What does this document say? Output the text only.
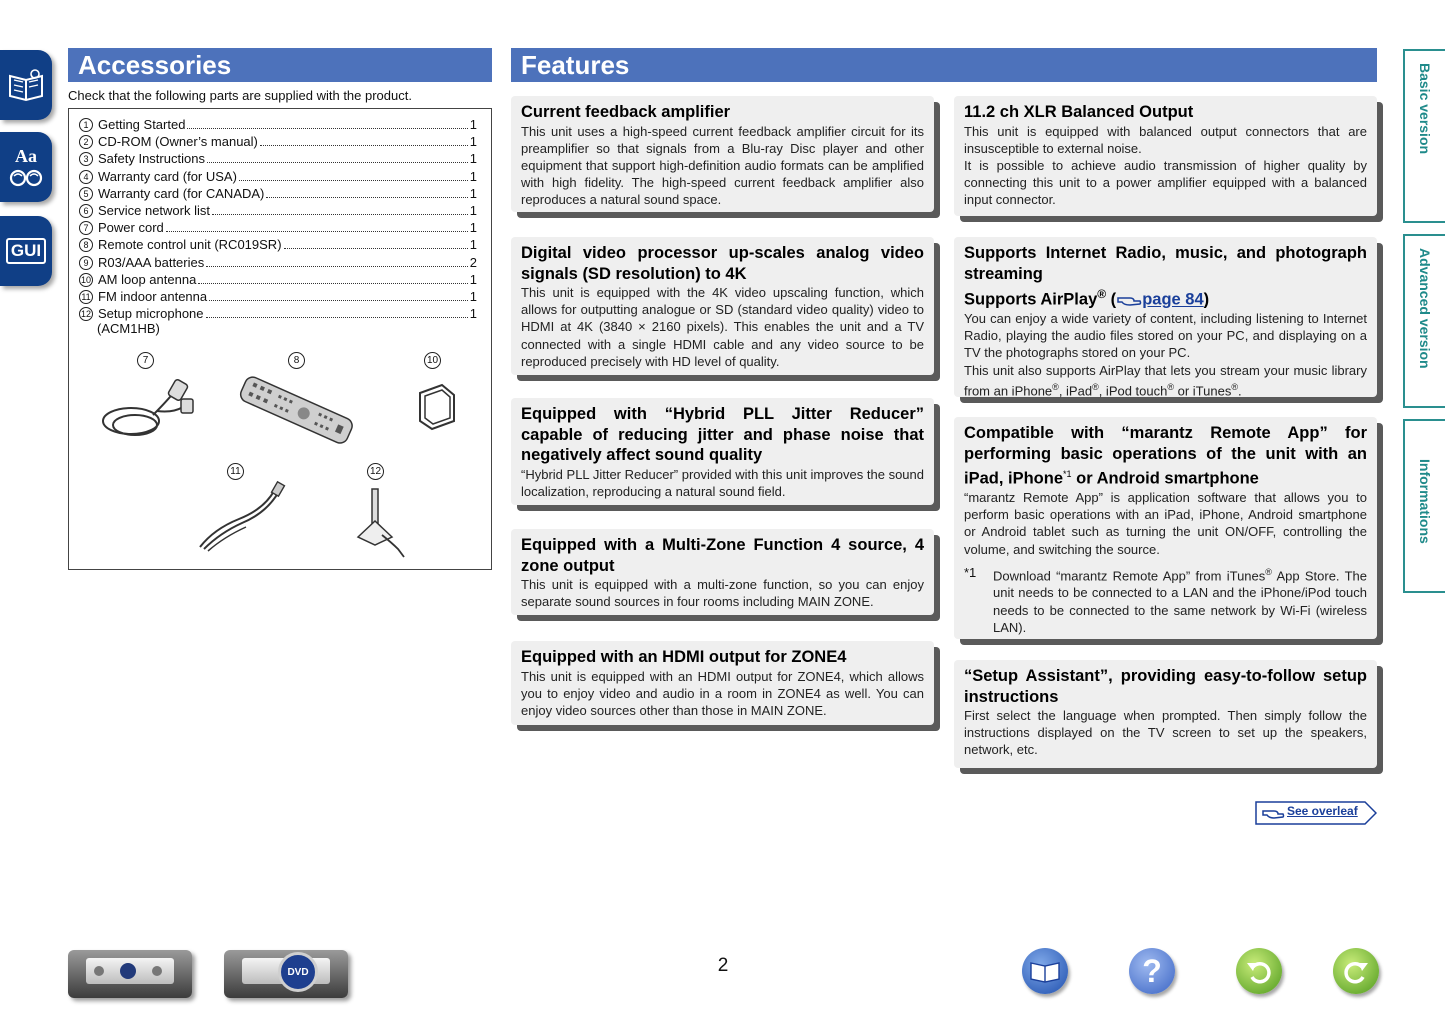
Aa
GUI
Basic version
Advanced version
Informations
Accessories
Check that the following parts are supplied with the product.
1 Getting Started	1
2 CD-ROM (Owner’s manual)	1
3 Safety Instructions	1
4 Warranty card (for USA)	1
5 Warranty card (for CANADA)	1
6 Service network list	1
7 Power cord	1
8 Remote control unit (RC019SR)	1
9 R03/AAA batteries	2
10 AM loop antenna	1
11 FM indoor antenna	1
12 Setup microphone	1
(ACM1HB)
7	8	10
11	12
Features
Current feedback amplifier

This unit uses a high-speed current feedback amplifier circuit for its preamplifier so that signals from a Blu-ray Disc player and other equipment that support high-definition audio formats can be amplified with high fidelity. The high-speed current feedback amplifier also reproduces a natural sound space.

Digital video processor up-scales analog video signals (SD resolution) to 4K

This unit is equipped with the 4K video upscaling function, which allows for outputting analogue or SD (standard video quality) video to HDMI at 4K (3840 × 2160 pixels). This enables the unit and a TV connected with a single HDMI cable and any video source to be reproduced precisely with HD level of quality.

Equipped with “Hybrid PLL Jitter Reducer” capable of reducing jitter and phase noise that negatively affect sound quality

“Hybrid PLL Jitter Reducer” provided with this unit improves the sound localization, reproducing a natural sound field.

Equipped with a Multi-Zone Function 4 source, 4 zone output

This unit is equipped with a multi-zone function, so you can enjoy separate sound sources in four rooms including MAIN ZONE.

Equipped with an HDMI output for ZONE4

This unit is equipped with an HDMI output for ZONE4, which allows you to enjoy video and audio in a room in ZONE4 as well. You can enjoy video sources other than those in MAIN ZONE.

11.2 ch XLR Balanced Output

This unit is equipped with balanced output connectors that are insusceptible to external noise.

It is possible to achieve audio transmission of higher quality by connecting this unit to a power amplifier equipped with a balanced input connector.

Supports Internet Radio, music, and photograph streaming
Supports AirPlay® ( page 84)

You can enjoy a wide variety of content, including listening to Internet Radio, playing the audio files stored on your PC, and displaying on a TV the photographs stored on your PC.

This unit also supports AirPlay that lets you stream your music library from an iPhone®, iPad®, iPod touch® or iTunes®.

Compatible with “marantz Remote App” for performing basic operations of the unit with an iPad, iPhone$^{*1}$ or Android smartphone

“marantz Remote App” is application software that allows you to perform basic operations with an iPad, iPhone, Android smartphone or Android tablet such as turning the unit ON/OFF, controlling the volume, and switching the source.

*1	Download “marantz Remote App” from iTunes® App Store. The unit needs to be connected to a LAN and the iPhone/iPod touch needs to be connected to the same network by Wi-Fi (wireless LAN).

“Setup Assistant”, providing easy-to-follow setup instructions

First select the language when prompted. Then simply follow the instructions displayed on the TV screen to set up the speakers, network, etc.

See overleaf
2
DVD	?
